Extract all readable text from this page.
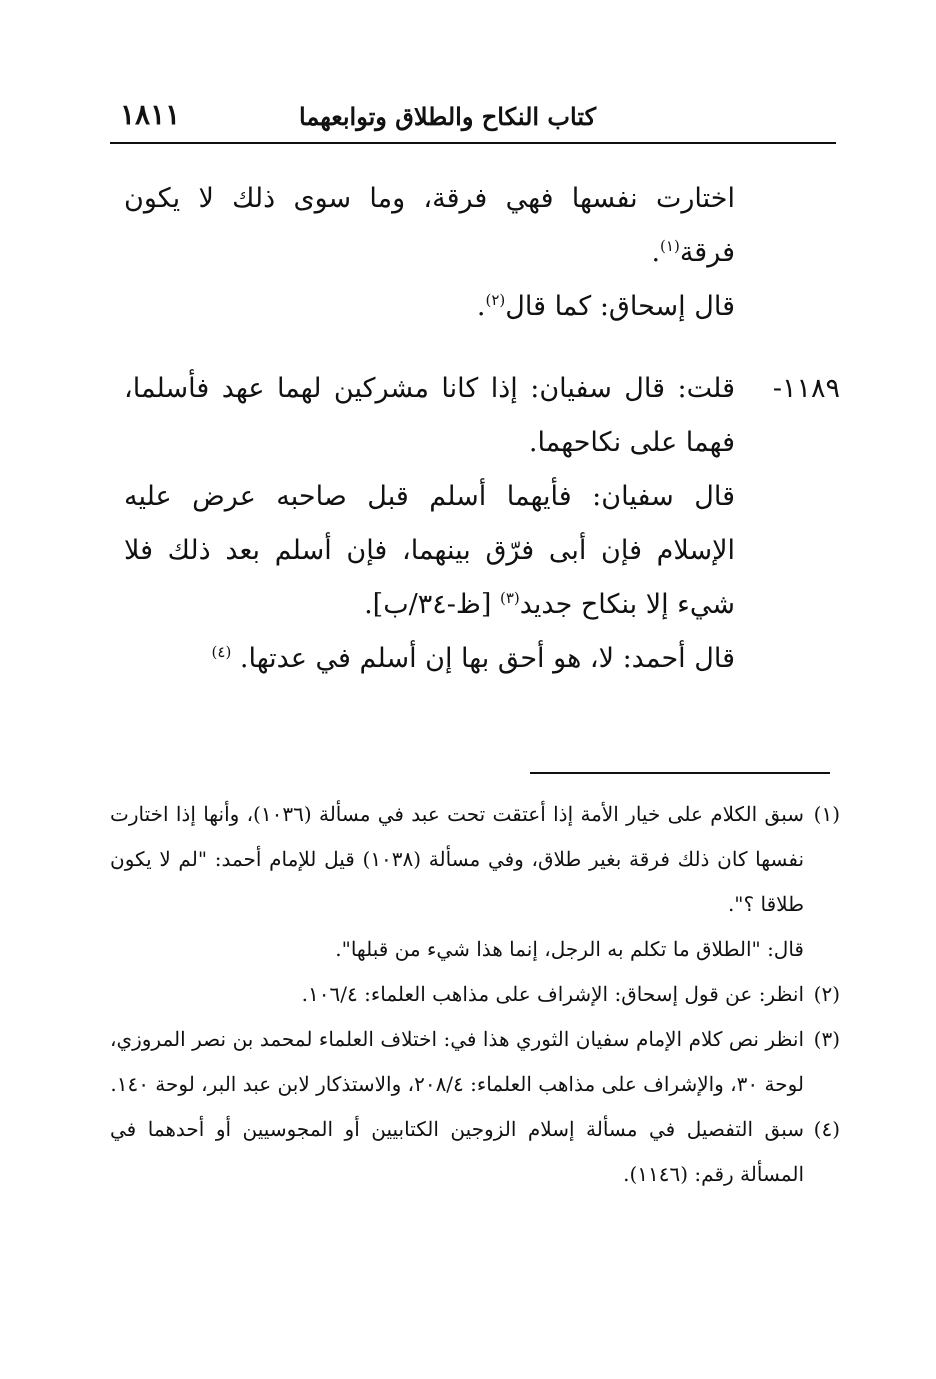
كتاب النكاح والطلاق وتوابعهما
١٨١١

اختارت نفسها فهي فرقة، وما سوى ذلك لا يكون فرقة$^{(١)}$.

قال إسحاق: كما قال$^{(٢)}$.

١١٨٩-

قلت: قال سفيان: إذا كانا مشركين لهما عهد فأسلما، فهما على نكاحهما.

قال سفيان: فأيهما أسلم قبل صاحبه عرض عليه الإسلام فإن أبى فرّق بينهما، فإن أسلم بعد ذلك فلا شيء إلا بنكاح جديد$^{(٣)}$ [ظ-٣٤/ب].

قال أحمد: لا، هو أحق بها إن أسلم في عدتها. $^{(٤)}$

(١)

سبق الكلام على خيار الأمة إذا أعتقت تحت عبد في مسألة (١٠٣٦)، وأنها إذا اختارت نفسها كان ذلك فرقة بغير طلاق، وفي مسألة (١٠٣٨) قيل للإمام أحمد: "لم لا يكون طلاقا ؟".

قال: "الطلاق ما تكلم به الرجل، إنما هذا شيء من قبلها".

(٢)

انظر: عن قول إسحاق: الإشراف على مذاهب العلماء: ١٠٦/٤.

(٣)

انظر نص كلام الإمام سفيان الثوري هذا في: اختلاف العلماء لمحمد بن نصر المروزي، لوحة ٣٠، والإشراف على مذاهب العلماء: ٢٠٨/٤، والاستذكار لابن عبد البر، لوحة ١٤٠.

(٤)

سبق التفصيل في مسألة إسلام الزوجين الكتابيين أو المجوسيين أو أحدهما في المسألة رقم: (١١٤٦).
